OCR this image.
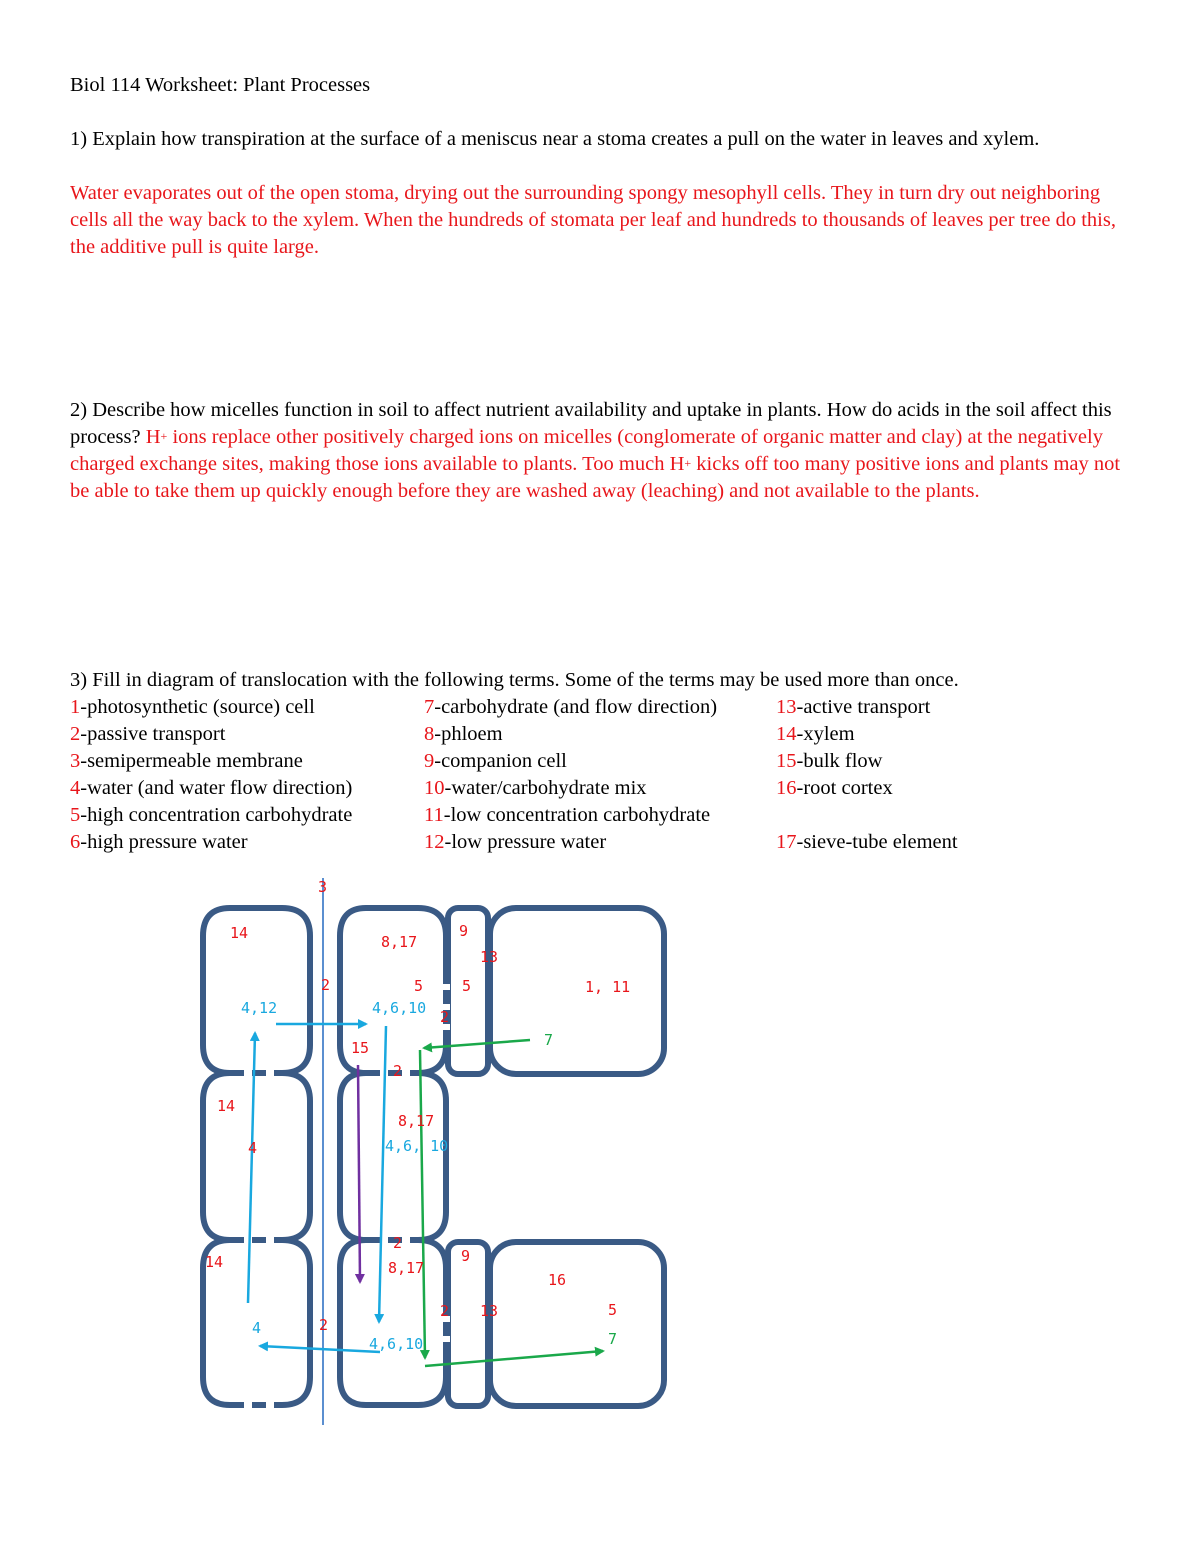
Biol 114 Worksheet: Plant Processes
1) Explain how transpiration at the surface of a meniscus near a stoma creates a pull on the water in leaves and xylem.
Water evaporates out of the open stoma, drying out the surrounding spongy mesophyll cells. They in turn dry out neighboring cells all the way back to the xylem. When the hundreds of stomata per leaf and hundreds to thousands of leaves per tree do this, the additive pull is quite large.
2) Describe how micelles function in soil to affect nutrient availability and uptake in plants. How do acids in the soil affect this process? H+ ions replace other positively charged ions on micelles (conglomerate of organic matter and clay) at the negatively charged exchange sites, making those ions available to plants. Too much H+ kicks off too many positive ions and plants may not be able to take them up quickly enough before they are washed away (leaching) and not available to the plants.
3) Fill in diagram of translocation with the following terms. Some of the terms may be used more than once.
1-photosynthetic (source) cell
2-passive transport
3-semipermeable membrane
4-water (and water flow direction)
5-high concentration carbohydrate
6-high pressure water
7-carbohydrate (and flow direction)
8-phloem
9-companion cell
10-water/carbohydrate mix
11-low concentration carbohydrate
12-low pressure water
13-active transport
14-xylem
15-bulk flow
16-root cortex
17-sieve-tube element
3
14
4,12
14
4
14
4
2
2
8,17
5
4,6,10
15
2
8,17
4,6, 10
2
8,17
4,6,10
9
13
5
2
9
13
2
1, 11
7
16
5
7
